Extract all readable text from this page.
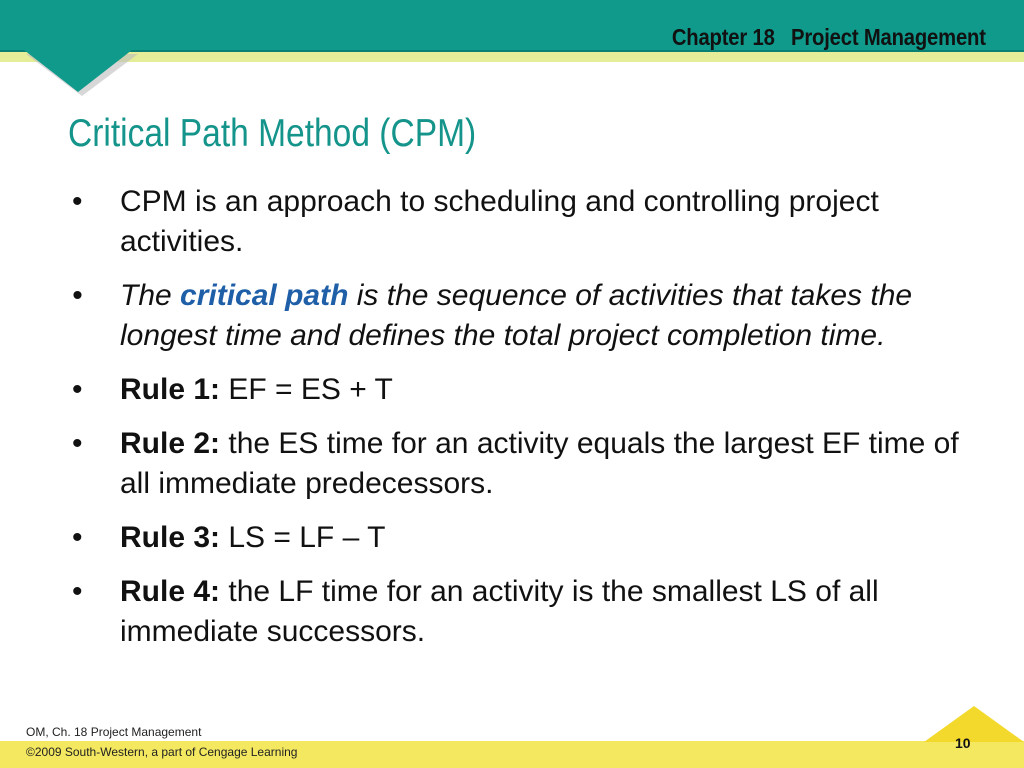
Chapter 18   Project Management
Critical Path Method (CPM)
• CPM is an approach to scheduling and controlling project activities.
• The critical path is the sequence of activities that takes the longest time and defines the total project completion time.
• Rule 1: EF = ES + T
• Rule 2: the ES time for an activity equals the largest EF time of all immediate predecessors.
• Rule 3: LS = LF – T
• Rule 4: the LF time for an activity is the smallest LS of all immediate successors.
OM, Ch. 18 Project Management
©2009 South-Western, a part of Cengage Learning
10
